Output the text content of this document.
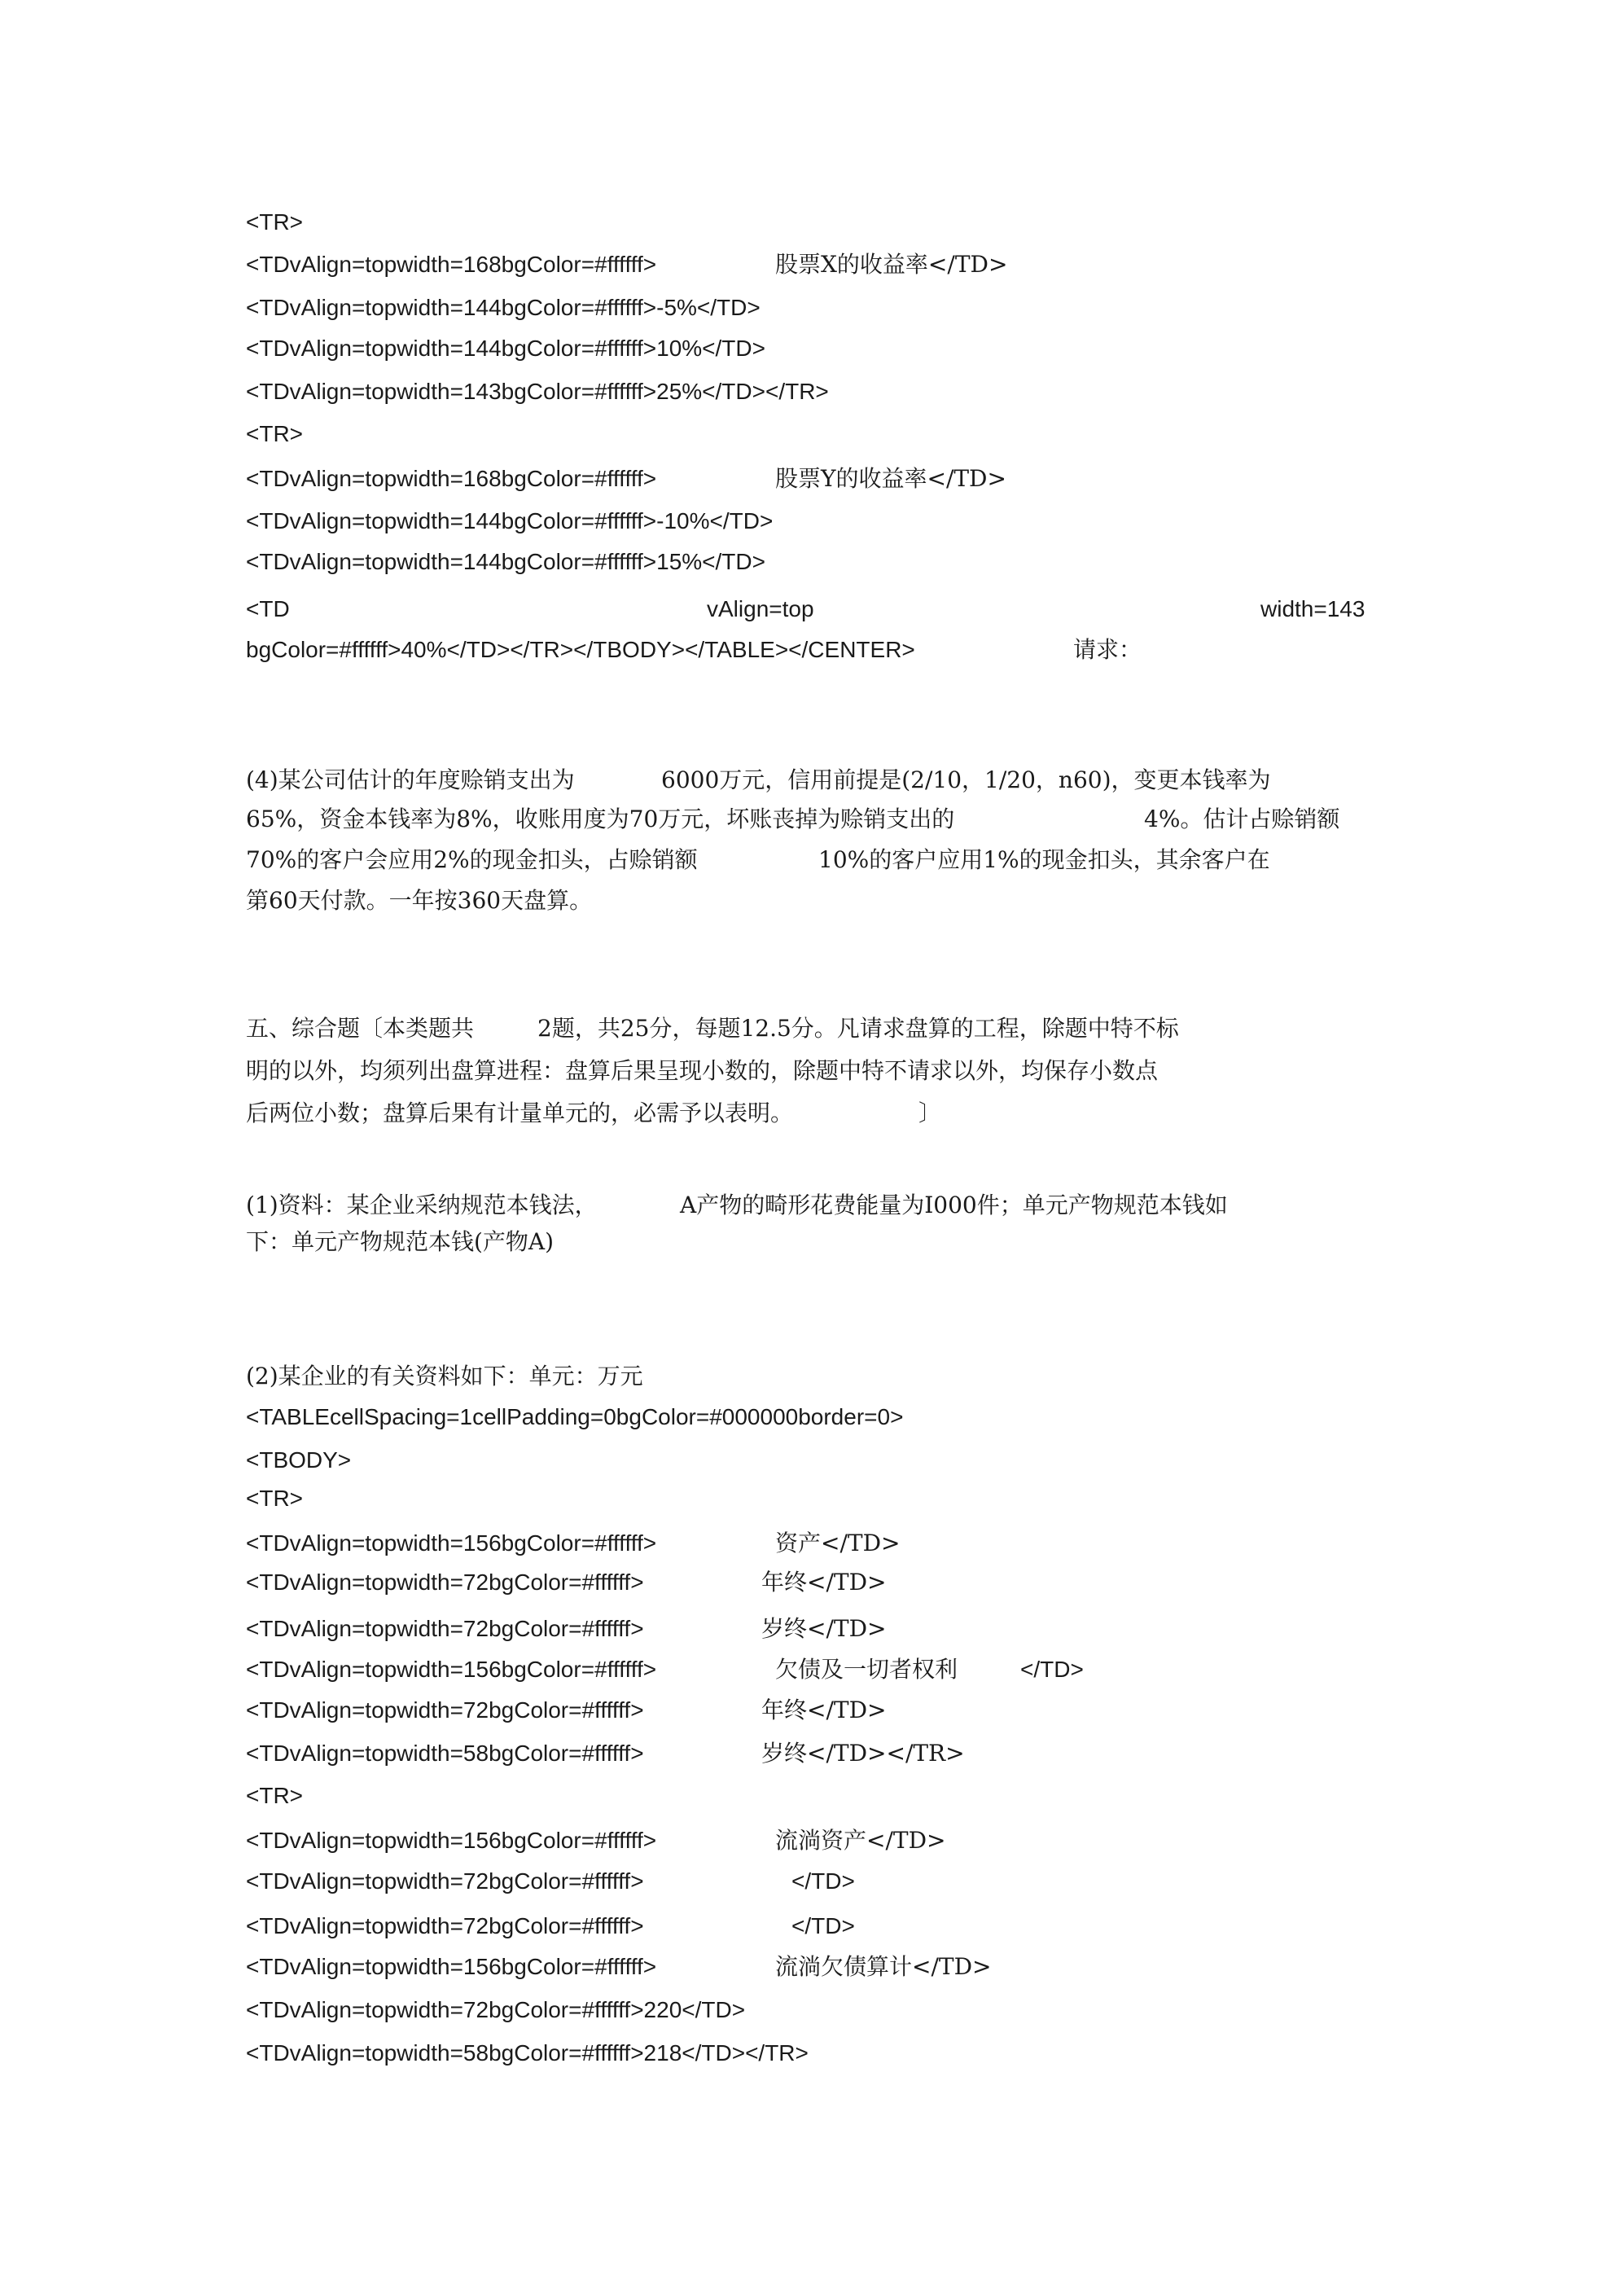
<TR>
<TDvAlign=topwidth=168bgColor=#ffffff>	股票X的收益率</TD>
<TDvAlign=topwidth=144bgColor=#ffffff>-5%</TD>
<TDvAlign=topwidth=144bgColor=#ffffff>10%</TD>
<TDvAlign=topwidth=143bgColor=#ffffff>25%</TD></TR>
<TR>
<TDvAlign=topwidth=168bgColor=#ffffff>	股票Y的收益率</TD>
<TDvAlign=topwidth=144bgColor=#ffffff>-10%</TD>
<TDvAlign=topwidth=144bgColor=#ffffff>15%</TD>
<TD	vAlign=top	width=143
bgColor=#ffffff>40%</TD></TR></TBODY></TABLE></CENTER>	请求：
(4)某公司估计的年度赊销支出为	6000万元，信用前提是(2/10，1/20，n60)，变更本钱率为
65%，资金本钱率为8%，收账用度为70万元，坏账丧掉为赊销支出的	4%。估计占赊销额
70%的客户会应用2%的现金扣头，占赊销额	10%的客户应用1%的现金扣头，其余客户在
第60天付款。一年按360天盘算。
五、综合题〔本类题共	2题，共25分，每题12.5分。凡请求盘算的工程，除题中特不标
明的以外，均须列出盘算进程：盘算后果呈现小数的，除题中特不请求以外，均保存小数点
后两位小数；盘算后果有计量单元的，必需予以表明。	〕
(1)资料：某企业采纳规范本钱法，	A产物的畸形花费能量为I000件；单元产物规范本钱如
下：单元产物规范本钱(产物A)
(2)某企业的有关资料如下：单元：万元
<TABLEcellSpacing=1cellPadding=0bgColor=#000000border=0>
<TBODY>
<TR>
<TDvAlign=topwidth=156bgColor=#ffffff>	资产</TD>
<TDvAlign=topwidth=72bgColor=#ffffff>	年终</TD>
<TDvAlign=topwidth=72bgColor=#ffffff>	岁终</TD>
<TDvAlign=topwidth=156bgColor=#ffffff>	欠债及一切者权利	</TD>
<TDvAlign=topwidth=72bgColor=#ffffff>	年终</TD>
<TDvAlign=topwidth=58bgColor=#ffffff>	岁终</TD></TR>
<TR>
<TDvAlign=topwidth=156bgColor=#ffffff>	流淌资产</TD>
<TDvAlign=topwidth=72bgColor=#ffffff>	</TD>
<TDvAlign=topwidth=72bgColor=#ffffff>	</TD>
<TDvAlign=topwidth=156bgColor=#ffffff>	流淌欠债算计</TD>
<TDvAlign=topwidth=72bgColor=#ffffff>220</TD>
<TDvAlign=topwidth=58bgColor=#ffffff>218</TD></TR>
